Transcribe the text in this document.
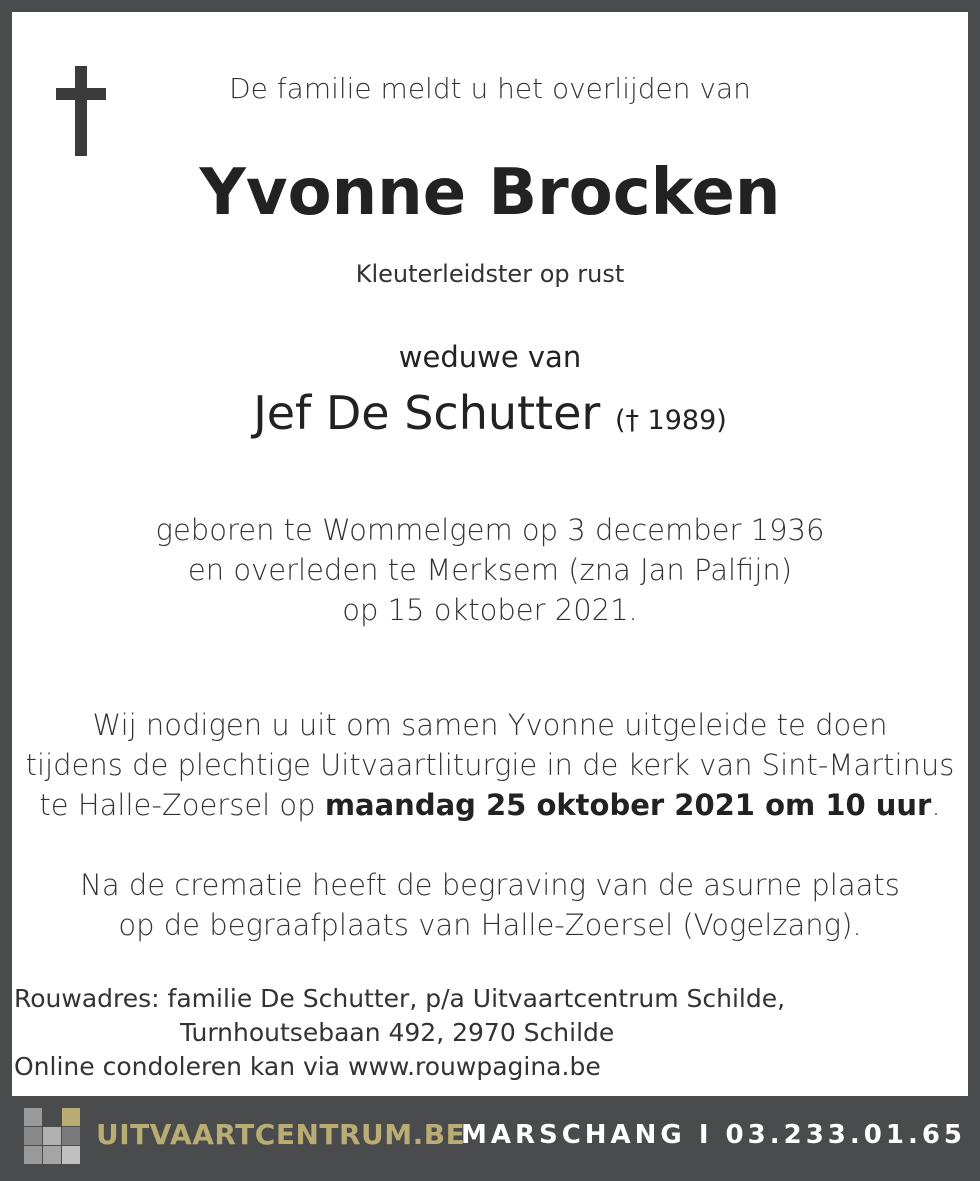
De familie meldt u het overlijden van
Yvonne Brocken
Kleuterleidster op rust
weduwe van
Jef De Schutter († 1989)
geboren te Wommelgem op 3 december 1936
en overleden te Merksem (zna Jan Palfijn)
op 15 oktober 2021.
Wij nodigen u uit om samen Yvonne uitgeleide te doen
tijdens de plechtige Uitvaartliturgie in de kerk van Sint-Martinus
te Halle-Zoersel op maandag 25 oktober 2021 om 10 uur.
Na de crematie heeft de begraving van de asurne plaats
op de begraafplaats van Halle-Zoersel (Vogelzang).
Rouwadres: familie De Schutter, p/a Uitvaartcentrum Schilde,
Turnhoutsebaan 492, 2970 Schilde
Online condoleren kan via www.rouwpagina.be
UITVAARTCENTRUM.BE
MARSCHANG I 03.233.01.65
